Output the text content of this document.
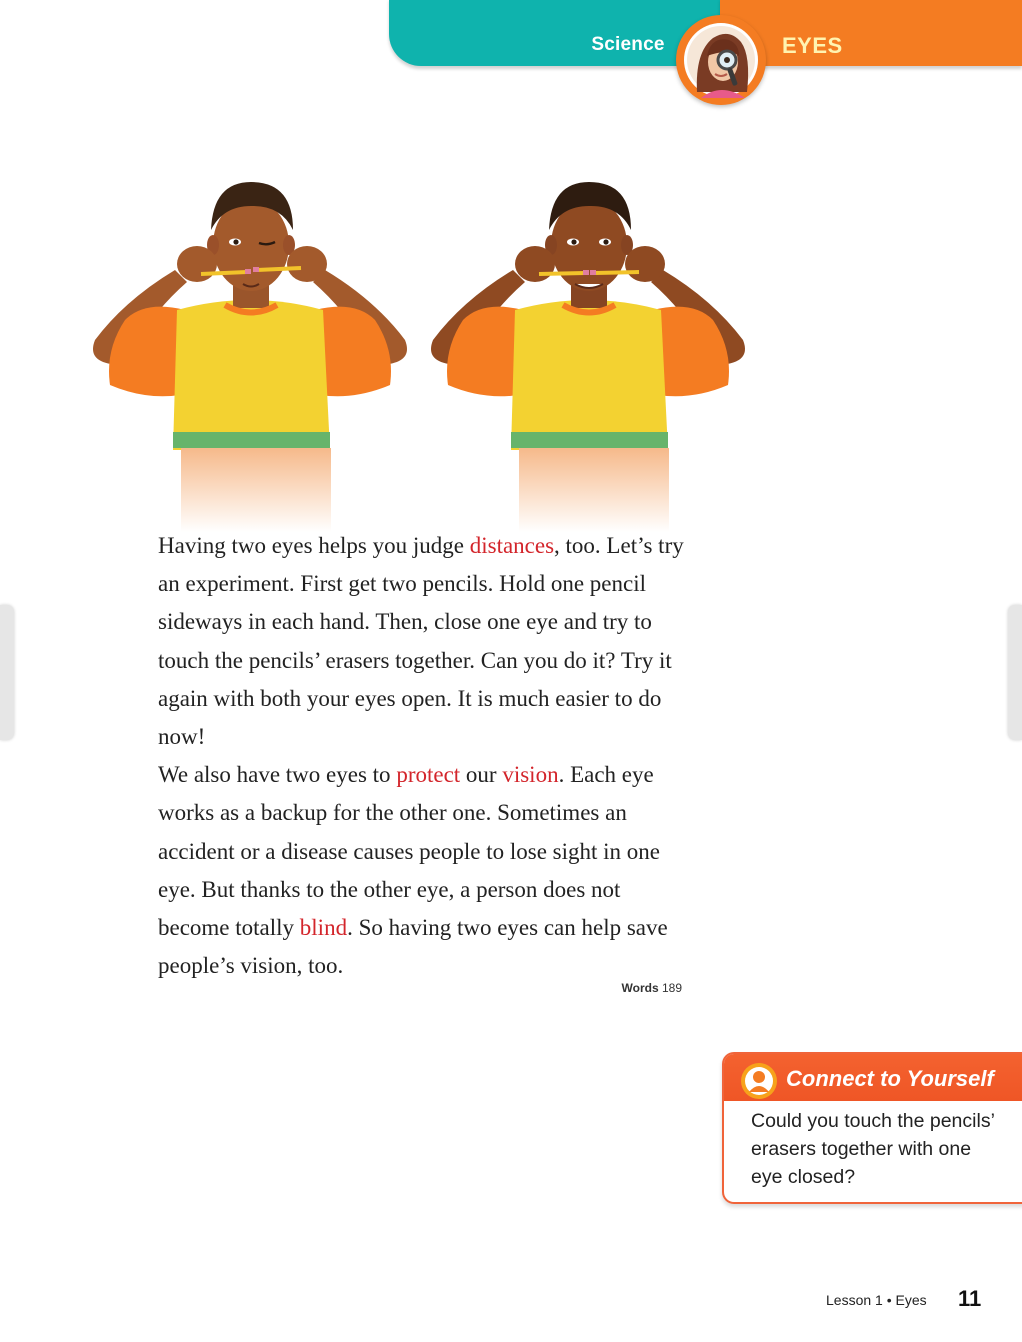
Science	EYES

Having two eyes helps you judge distances, too. Let’s try an experiment. First get two pencils. Hold one pencil sideways in each hand. Then, close one eye and try to touch the pencils’ erasers together. Can you do it? Try it again with both your eyes open. It is much easier to do now!

We also have two eyes to protect our vision. Each eye works as a backup for the other one. Sometimes an accident or a disease causes people to lose sight in one eye. But thanks to the other eye, a person does not become totally blind. So having two eyes can help save people’s vision, too.

Words 189
Connect to Yourself
Could you touch the pencils’ erasers together with one eye closed?
Lesson 1 • Eyes 11
